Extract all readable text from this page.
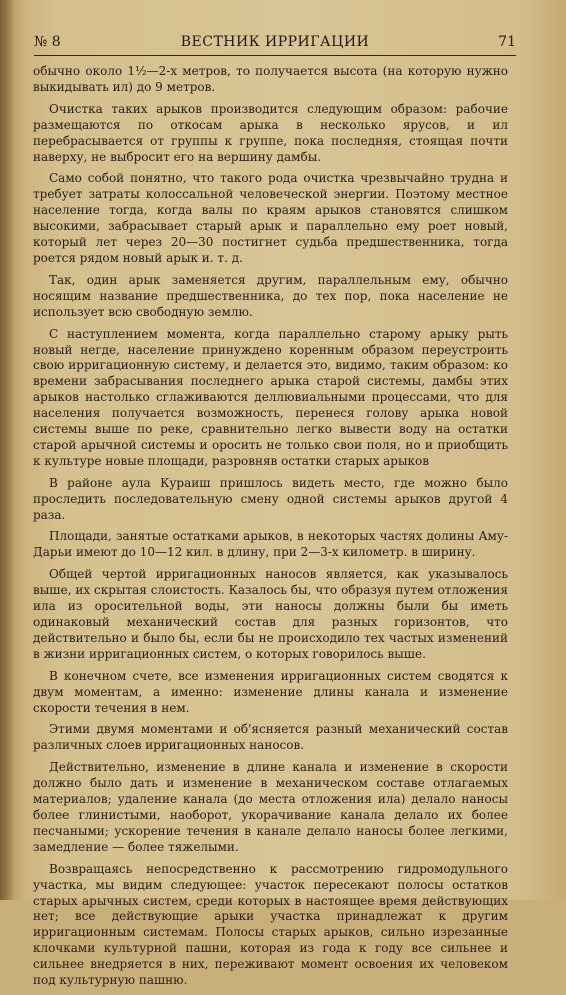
№ 8	ВЕСТНИК ИРРИГАЦИИ	71

обычно около 1½—2-х метров, то получается высота (на которую нужно выкидывать ил) до 9 метров.

Очистка таких арыков производится следующим образом: рабочие размещаются по откосам арыка в несколько ярусов, и ил перебрасывается от группы к группе, пока последняя, стоящая почти наверху, не выбросит его на вершину дамбы.

Само собой понятно, что такого рода очистка чрезвычайно трудна и требует затраты колоссальной человеческой энергии. Поэтому местное население тогда, когда валы по краям арыков становятся слишком высокими, забрасывает старый арык и параллельно ему роет новый, который лет через 20—30 постигнет судьба предшественника, тогда роется рядом новый арык и. т. д.

Так, один арык заменяется другим, параллельным ему, обычно носящим название предшественника, до тех пор, пока население не использует всю свободную землю.

С наступлением момента, когда параллельно старому арыку рыть новый негде, население принуждено коренным образом переустроить свою ирригационную систему, и делается это, видимо, таким образом: ко времени забрасывания последнего арыка старой системы, дамбы этих арыков настолько сглаживаются деллювиальными процессами, что для населения получается возможность, перенеся голову арыка новой системы выше по реке, сравнительно легко вывести воду на остатки старой арычной системы и оросить не только свои поля, но и приобщить к культуре новые площади, разровняв остатки старых арыков

В районе аула Кураиш пришлось видеть место, где можно было проследить последовательную смену одной системы арыков другой 4 раза.

Площади, занятые остатками арыков, в некоторых частях долины Аму-Дарьи имеют до 10—12 кил. в длину, при 2—3-х километр. в ширину.

Общей чертой ирригационных наносов является, как указывалось выше, их скрытая слоистость. Казалось бы, что образуя путем отложения ила из оросительной воды, эти наносы должны были бы иметь одинаковый механический состав для разных горизонтов, что действительно и было бы, если бы не происходило тех частых изменений в жизни ирригационных систем, о которых говорилось выше.

В конечном счете, все изменения ирригационных систем сводятся к двум моментам, а именно: изменение длины канала и изменение скорости течения в нем.

Этими двумя моментами и об'ясняется разный механический состав различных слоев ирригационных наносов.

Действительно, изменение в длине канала и изменение в скорости должно было дать и изменение в механическом составе отлагаемых материалов; удаление канала (до места отложения ила) делало наносы более глинистыми, наоборот, укорачивание канала делало их более песчаными; ускорение течения в канале делало наносы более легкими, замедление — более тяжелыми.

Возвращаясь непосредственно к рассмотрению гидромодульного участка, мы видим следующее: участок пересекают полосы остатков старых арычных систем, среди которых в настоящее время действующих нет; все действующие арыки участка принадлежат к другим ирригационным системам. Полосы старых арыков, сильно изрезанные клочками культурной пашни, которая из года к году все сильнее и сильнее внедряется в них, переживают момент освоения их человеком под культурную пашню.
